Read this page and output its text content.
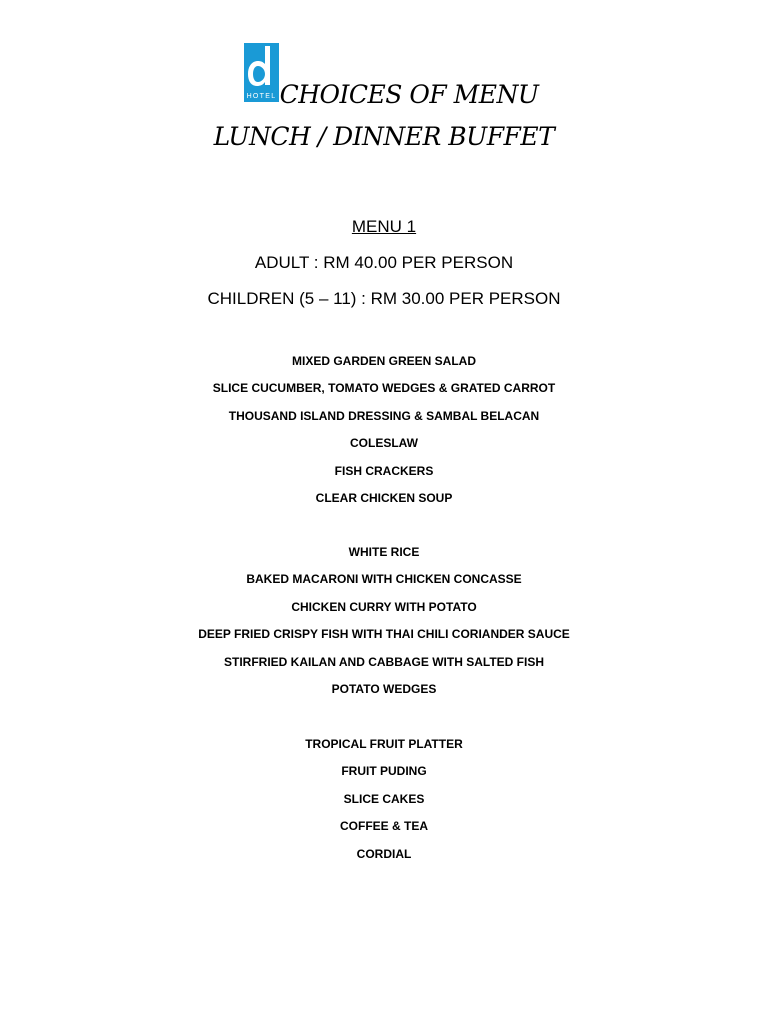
HOTEL CHOICES OF MENU
LUNCH / DINNER BUFFET
MENU 1
ADULT : RM 40.00 PER PERSON
CHILDREN (5 – 11) : RM 30.00 PER PERSON
MIXED GARDEN GREEN SALAD
SLICE CUCUMBER, TOMATO WEDGES & GRATED CARROT
THOUSAND ISLAND DRESSING & SAMBAL BELACAN
COLESLAW
FISH CRACKERS
CLEAR CHICKEN SOUP
WHITE RICE
BAKED MACARONI WITH CHICKEN CONCASSE
CHICKEN CURRY WITH POTATO
DEEP FRIED CRISPY FISH WITH THAI CHILI CORIANDER SAUCE
STIRFRIED KAILAN AND CABBAGE WITH SALTED FISH
POTATO WEDGES
TROPICAL FRUIT PLATTER
FRUIT PUDING
SLICE CAKES
COFFEE & TEA
CORDIAL
